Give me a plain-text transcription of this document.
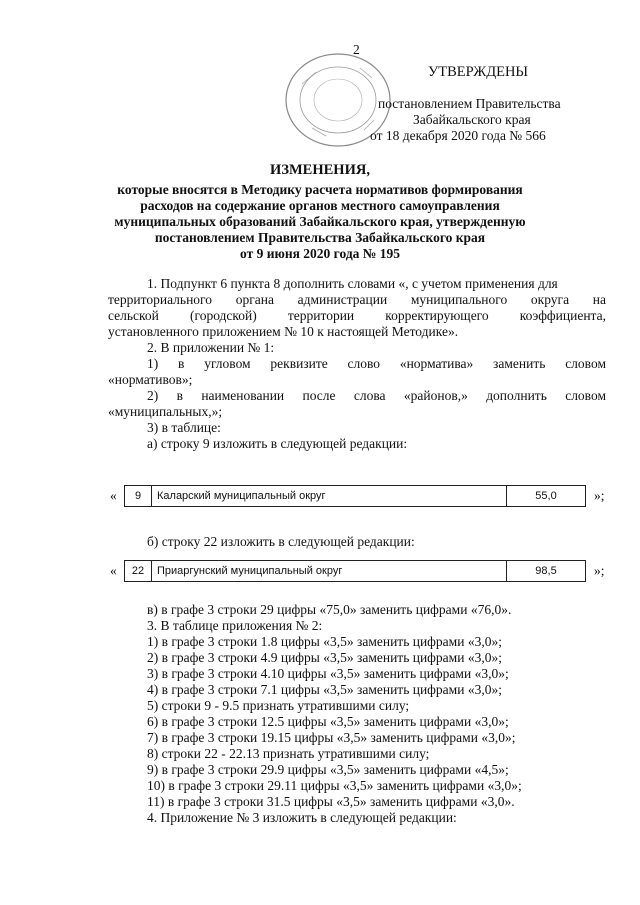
2
УТВЕРЖДЕНЫ
постановлением Правительства
Забайкальского края
от 18 декабря 2020 года № 566
ИЗМЕНЕНИЯ,
которые вносятся в Методику расчета нормативов формирования
расходов на содержание органов местного самоуправления
муниципальных образований Забайкальского края, утвержденную
постановлением Правительства Забайкальского края
от 9 июня 2020 года № 195
1. Подпункт 6 пункта 8 дополнить словами «, с учетом применения для
территориального органа администрации муниципального округа на
сельской (городской) территории корректирующего коэффициента,
установленного приложением № 10 к настоящей Методике».
2. В приложении № 1:
1) в угловом реквизите слово «норматива» заменить словом
«нормативов»;
2) в наименовании после слова «районов,» дополнить словом
«муниципальных,»;
3) в таблице:
а) строку 9 изложить в следующей редакции:
«	9	Каларский муниципальный округ	55,0	»;
б) строку 22 изложить в следующей редакции:
«	22	Приаргунский муниципальный округ	98,5	»;
в) в графе 3 строки 29 цифры «75,0» заменить цифрами «76,0».
3. В таблице приложения № 2:
1) в графе 3 строки 1.8 цифры «3,5» заменить цифрами «3,0»;
2) в графе 3 строки 4.9 цифры «3,5» заменить цифрами «3,0»;
3) в графе 3 строки 4.10 цифры «3,5» заменить цифрами «3,0»;
4) в графе 3 строки 7.1 цифры «3,5» заменить цифрами «3,0»;
5) строки 9 - 9.5 признать утратившими силу;
6) в графе 3 строки 12.5 цифры «3,5» заменить цифрами «3,0»;
7) в графе 3 строки 19.15 цифры «3,5» заменить цифрами «3,0»;
8) строки 22 - 22.13 признать утратившими силу;
9) в графе 3 строки 29.9 цифры «3,5» заменить цифрами «4,5»;
10) в графе 3 строки 29.11 цифры «3,5» заменить цифрами «3,0»;
11) в графе 3 строки 31.5 цифры «3,5» заменить цифрами «3,0».
4. Приложение № 3 изложить в следующей редакции:
